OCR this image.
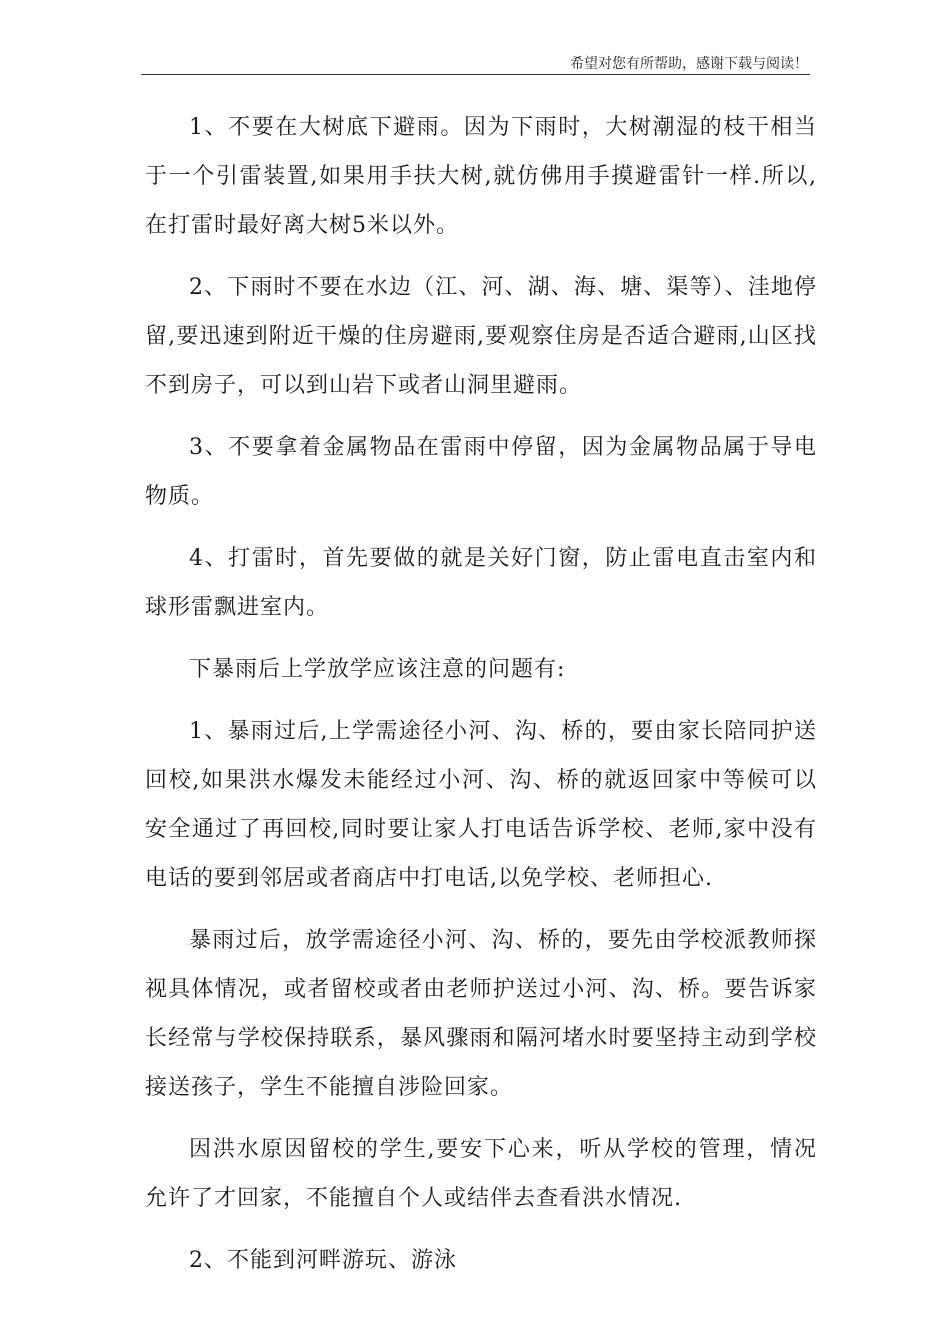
希望对您有所帮助，感谢下载与阅读！

1、不要在大树底下避雨。因为下雨时，大树潮湿的枝干相当于一个引雷装置,如果用手扶大树,就仿佛用手摸避雷针一样.所以,在打雷时最好离大树5米以外。

2、下雨时不要在水边（江、河、湖、海、塘、渠等）、洼地停留,要迅速到附近干燥的住房避雨,要观察住房是否适合避雨,山区找不到房子，可以到山岩下或者山洞里避雨。

3、不要拿着金属物品在雷雨中停留，因为金属物品属于导电物质。

4、打雷时，首先要做的就是关好门窗，防止雷电直击室内和球形雷飘进室内。

下暴雨后上学放学应该注意的问题有:

1、暴雨过后,上学需途径小河、沟、桥的，要由家长陪同护送回校,如果洪水爆发未能经过小河、沟、桥的就返回家中等候可以安全通过了再回校,同时要让家人打电话告诉学校、老师,家中没有电话的要到邻居或者商店中打电话,以免学校、老师担心.

暴雨过后，放学需途径小河、沟、桥的，要先由学校派教师探视具体情况，或者留校或者由老师护送过小河、沟、桥。要告诉家长经常与学校保持联系，暴风骤雨和隔河堵水时要坚持主动到学校接送孩子，学生不能擅自涉险回家。

因洪水原因留校的学生,要安下心来，听从学校的管理，情况允许了才回家，不能擅自个人或结伴去查看洪水情况.

2、不能到河畔游玩、游泳
